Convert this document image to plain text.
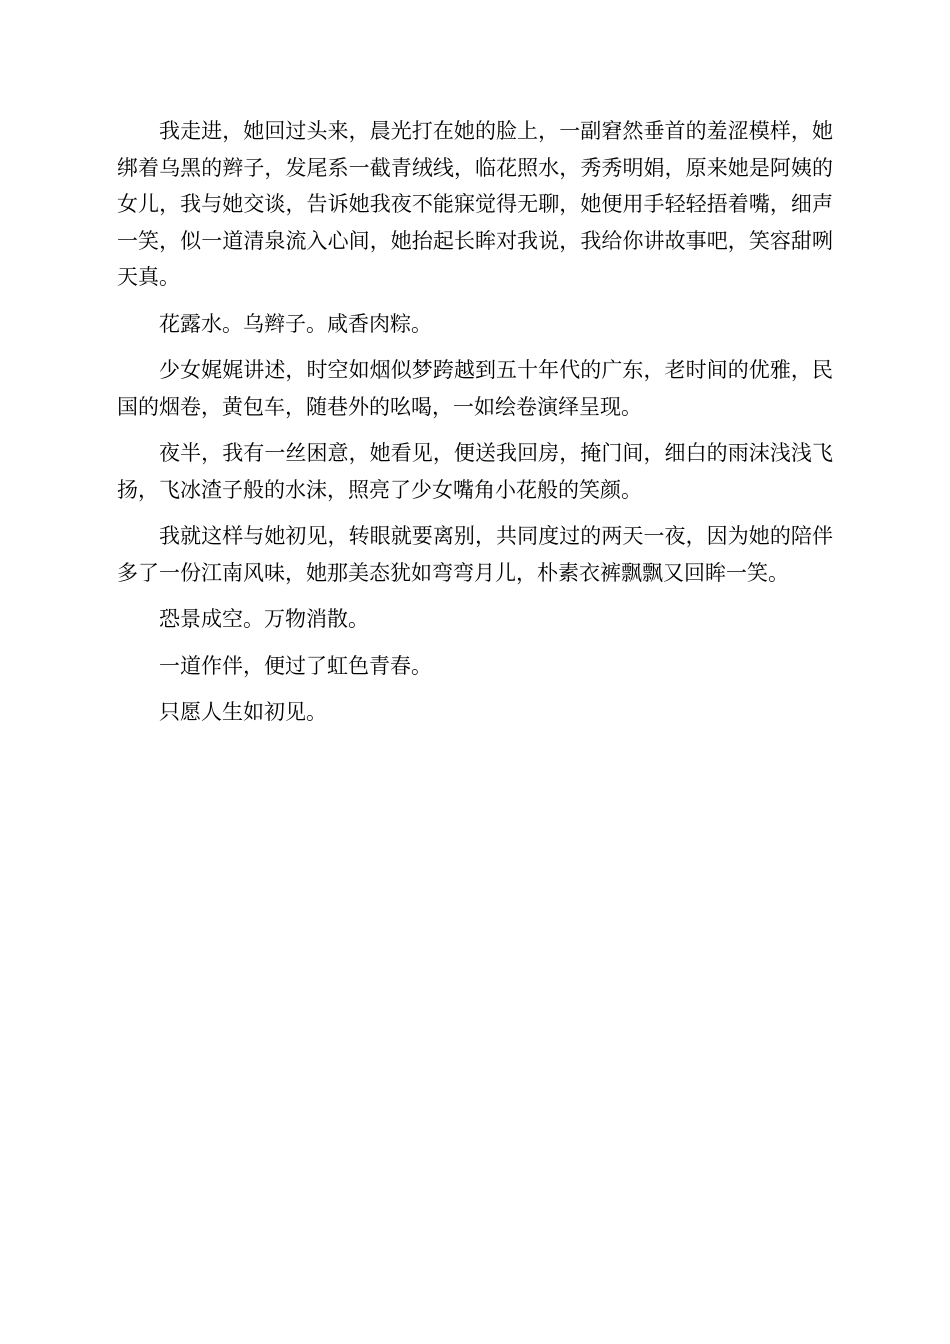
我走进，她回过头来，晨光打在她的脸上，一副窘然垂首的羞涩模样，她绑着乌黑的辫子，发尾系一截青绒线，临花照水，秀秀明娟，原来她是阿姨的女儿，我与她交谈，告诉她我夜不能寐觉得无聊，她便用手轻轻捂着嘴，细声一笑，似一道清泉流入心间，她抬起长眸对我说，我给你讲故事吧，笑容甜咧天真。

花露水。乌辫子。咸香肉粽。

少女娓娓讲述，时空如烟似梦跨越到五十年代的广东，老时间的优雅，民国的烟卷，黄包车，随巷外的吆喝，一如绘卷演绎呈现。

夜半，我有一丝困意，她看见，便送我回房，掩门间，细白的雨沫浅浅飞扬，飞冰渣子般的水沫，照亮了少女嘴角小花般的笑颜。

我就这样与她初见，转眼就要离别，共同度过的两天一夜，因为她的陪伴多了一份江南风味，她那美态犹如弯弯月儿，朴素衣裤飘飘又回眸一笑。

恐景成空。万物消散。

一道作伴，便过了虹色青春。

只愿人生如初见。
